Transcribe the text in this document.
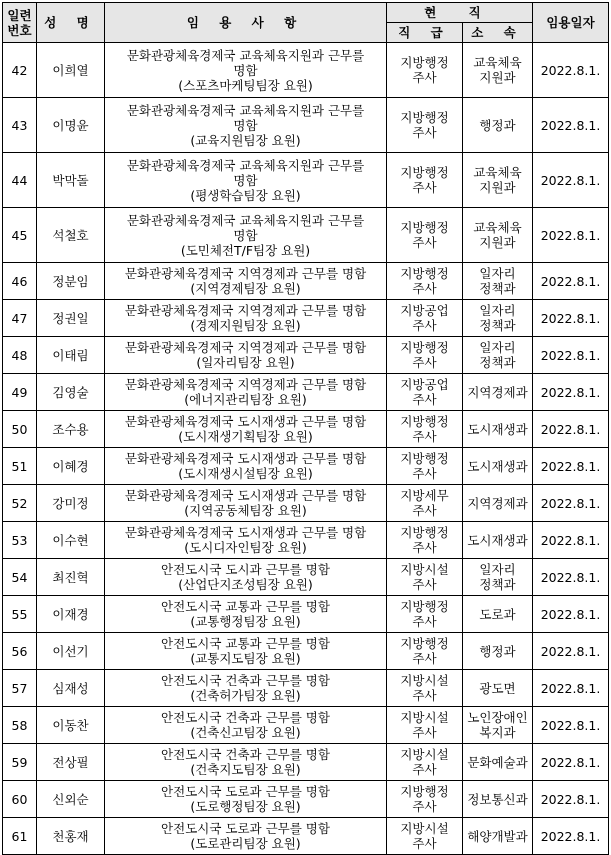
일련
번호	성 명	임 용 사 항	현 직		임용일자
			직 급	소 속	
42	이희열	문화관광체육경제국 교육체육지원과 근무를
명함
(스포츠마케팅팀장 요원)	지방행정
주사	교육체육
지원과	2022.8.1.
43	이명윤	문화관광체육경제국 교육체육지원과 근무를
명함
(교육지원팀장 요원)	지방행정
주사	행정과	2022.8.1.
44	박막돌	문화관광체육경제국 교육체육지원과 근무를
명함
(평생학습팀장 요원)	지방행정
주사	교육체육
지원과	2022.8.1.
45	석철호	문화관광체육경제국 교육체육지원과 근무를
명함
(도민체전T/F팀장 요원)	지방행정
주사	교육체육
지원과	2022.8.1.
46	정분임	문화관광체육경제국 지역경제과 근무를 명함
(지역경제팀장 요원)	지방행정
주사	일자리
정책과	2022.8.1.
47	정권일	문화관광체육경제국 지역경제과 근무를 명함
(경제지원팀장 요원)	지방공업
주사	일자리
정책과	2022.8.1.
48	이태림	문화관광체육경제국 지역경제과 근무를 명함
(일자리팀장 요원)	지방행정
주사	일자리
정책과	2022.8.1.
49	김영술	문화관광체육경제국 지역경제과 근무를 명함
(에너지관리팀장 요원)	지방공업
주사	지역경제과	2022.8.1.
50	조수용	문화관광체육경제국 도시재생과 근무를 명함
(도시재생기획팀장 요원)	지방행정
주사	도시재생과	2022.8.1.
51	이혜경	문화관광체육경제국 도시재생과 근무를 명함
(도시재생시설팀장 요원)	지방행정
주사	도시재생과	2022.8.1.
52	강미정	문화관광체육경제국 도시재생과 근무를 명함
(지역공동체팀장 요원)	지방세무
주사	지역경제과	2022.8.1.
53	이수현	문화관광체육경제국 도시재생과 근무를 명함
(도시디자인팀장 요원)	지방행정
주사	도시재생과	2022.8.1.
54	최진혁	안전도시국 도시과 근무를 명함
(산업단지조성팀장 요원)	지방시설
주사	일자리
정책과	2022.8.1.
55	이재경	안전도시국 교통과 근무를 명함
(교통행정팀장 요원)	지방행정
주사	도로과	2022.8.1.
56	이선기	안전도시국 교통과 근무를 명함
(교통지도팀장 요원)	지방행정
주사	행정과	2022.8.1.
57	심재성	안전도시국 건축과 근무를 명함
(건축허가팀장 요원)	지방시설
주사	광도면	2022.8.1.
58	이동찬	안전도시국 건축과 근무를 명함
(건축신고팀장 요원)	지방시설
주사	노인장애인
복지과	2022.8.1.
59	전상필	안전도시국 건축과 근무를 명함
(건축지도팀장 요원)	지방시설
주사	문화예술과	2022.8.1.
60	신외순	안전도시국 도로과 근무를 명함
(도로행정팀장 요원)	지방행정
주사	정보통신과	2022.8.1.
61	천홍재	안전도시국 도로과 근무를 명함
(도로관리팀장 요원)	지방시설
주사	해양개발과	2022.8.1.
